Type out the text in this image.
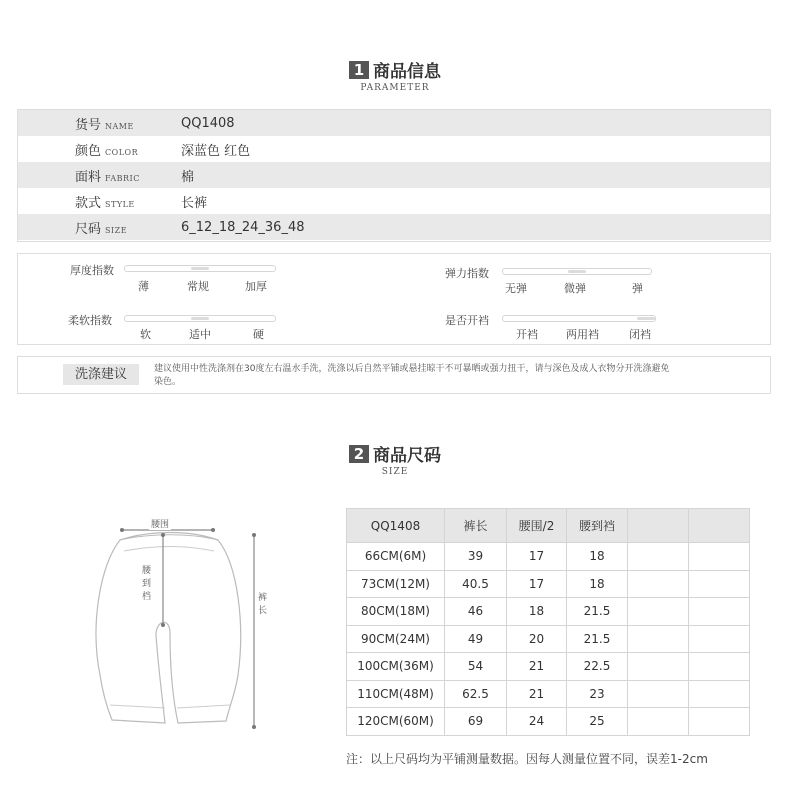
1 商品信息
PARAMETER
货号 NAME	QQ1408
颜色 COLOR	深蓝色 红色
面料 FABRIC	棉
款式 STYLE	长裤
尺码 SIZE	6_12_18_24_36_48
厚度指数
薄	常规	加厚
弹力指数
无弹	微弹	弹
柔软指数
软	适中	硬
是否开裆
开裆	两用裆	闭裆
洗涤建议	建议使用中性洗涤剂在30度左右温水手洗，洗涤以后自然平铺或悬挂晾干不可暴晒或强力扭干，请与深色及成人衣物分开洗涤避免染色。
2 商品尺码
SIZE
腰围
腰到档	裤长
QQ1408	裤长	腰围/2	腰到裆		
66CM(6M)	39	17	18		
73CM(12M)	40.5	17	18		
80CM(18M)	46	18	21.5		
90CM(24M)	49	20	21.5		
100CM(36M)	54	21	22.5		
110CM(48M)	62.5	21	23		
120CM(60M)	69	24	25		
注：以上尺码均为平铺测量数据。因每人测量位置不同，误差1-2cm
